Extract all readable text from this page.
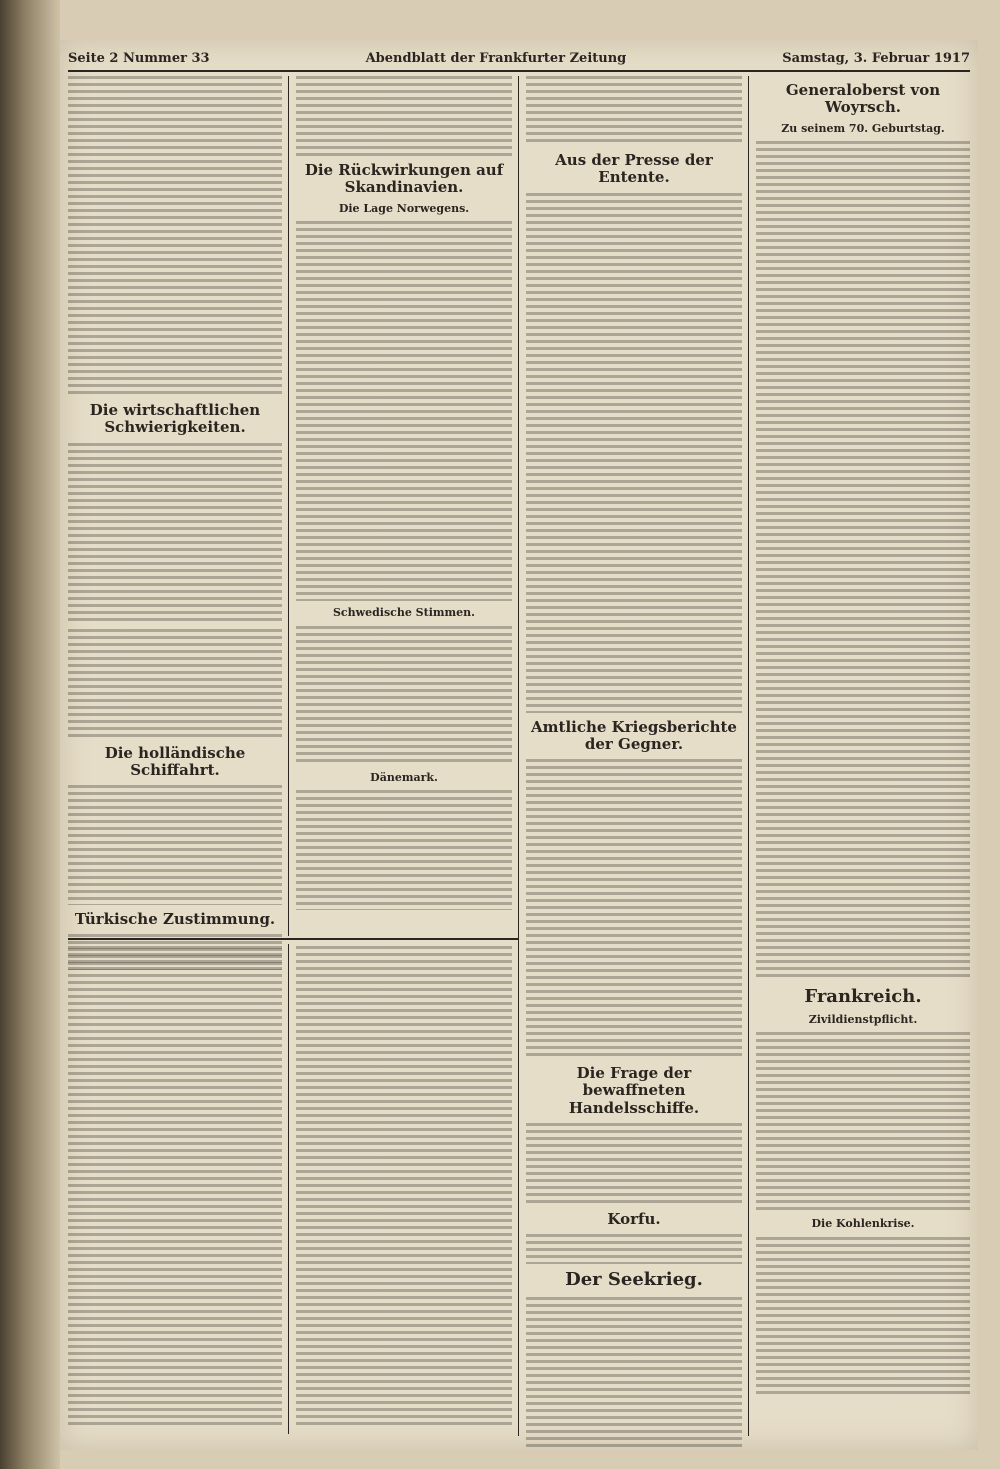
Seite 2 Nummer 33	Abendblatt der Frankfurter Zeitung	Samstag, 3. Februar 1917
Die wirtschaftlichen Schwierigkeiten.
Die holländische Schiffahrt.
Türkische Zustimmung.
Die Rückwirkungen auf Skandinavien.
Die Lage Norwegens.
Schwedische Stimmen.
Dänemark.
Aus der Presse der Entente.
Amtliche Kriegsberichte der Gegner.
Die Frage der bewaffneten Handelsschiffe.
Korfu.
Der Seekrieg.
Generaloberst von Woyrsch.
Zu seinem 70. Geburtstag.
Frankreich.
Zivildienstpflicht.
Die Kohlenkrise.
